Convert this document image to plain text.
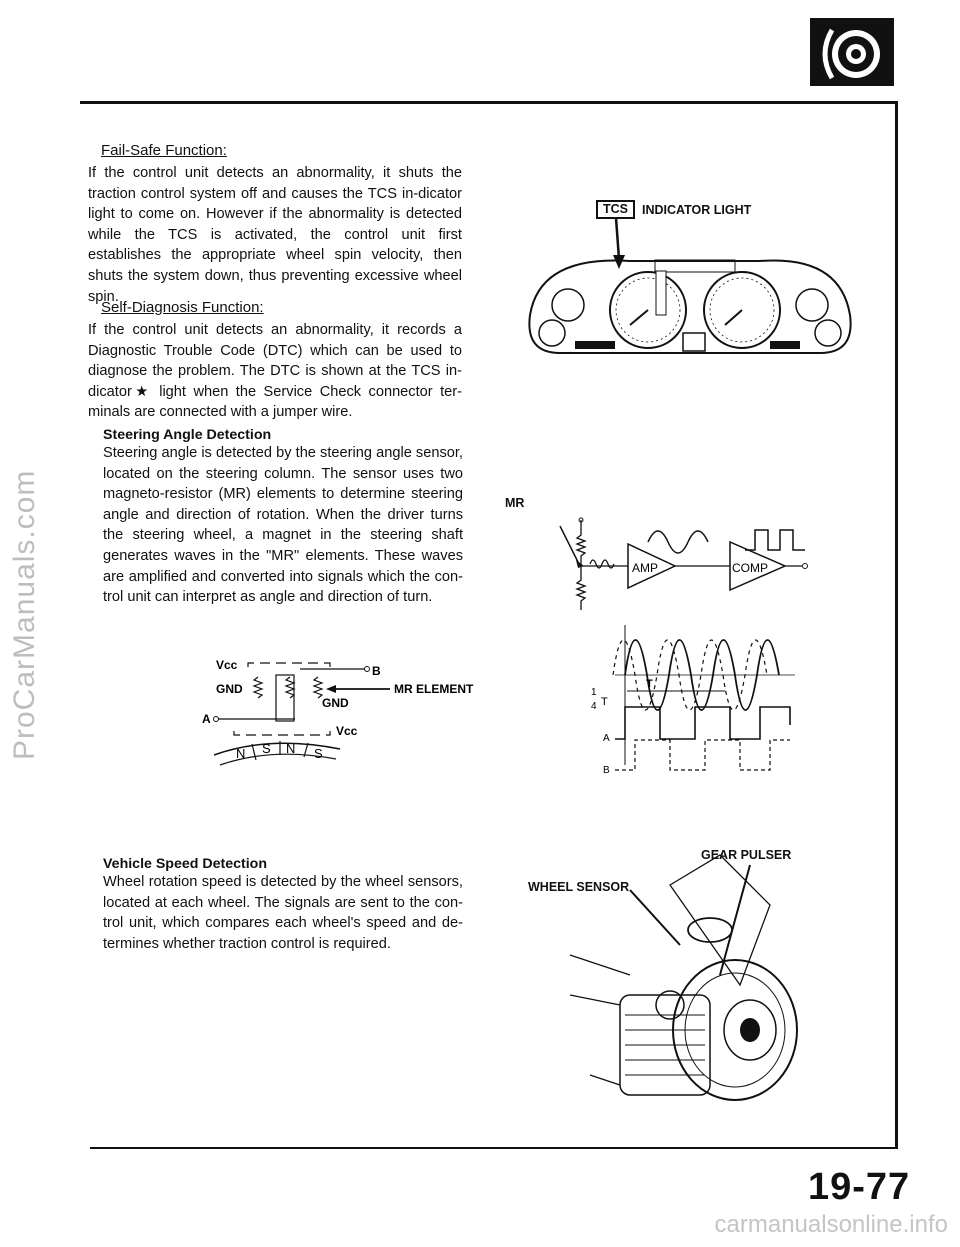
ProCarManuals.com
carmanualsonline.info
Fail-Safe Function:
If the control unit detects an abnormality, it shuts the traction control system off and causes the TCS in-dicator light to come on. However if the abnormality is detected while the TCS is activated, the control unit first establishes the appropriate wheel spin velocity, then shuts the system down, thus preventing excessive wheel spin.
Self-Diagnosis Function:
If the control unit detects an abnormality, it records a Diagnostic Trouble Code (DTC) which can be used to diagnose the problem. The DTC is shown at the TCS in-dicator★ light when the Service Check connector ter-minals are connected with a jumper wire.
Steering Angle Detection
Steering angle is detected by the steering angle sensor, located on the steering column. The sensor uses two magneto-resistor (MR) elements to determine steering angle and direction of rotation. When the driver turns the steering wheel, a magnet in the steering shaft generates waves in the "MR" elements. These waves are amplified and converted into signals which the con-trol unit can interpret as angle and direction of turn.
Vehicle Speed Detection
Wheel rotation speed is detected by the wheel sensors, located at each wheel. The signals are sent to the con-trol unit, which compares each wheel's speed and de-termines whether traction control is required.
TCS	INDICATOR LIGHT
MR
AMP	COMP
T
1
4 T
A
B
Vcc
GND
A
B
MR ELEMENT
GND
Vcc
N S N S
GEAR PULSER
WHEEL SENSOR
19-77
